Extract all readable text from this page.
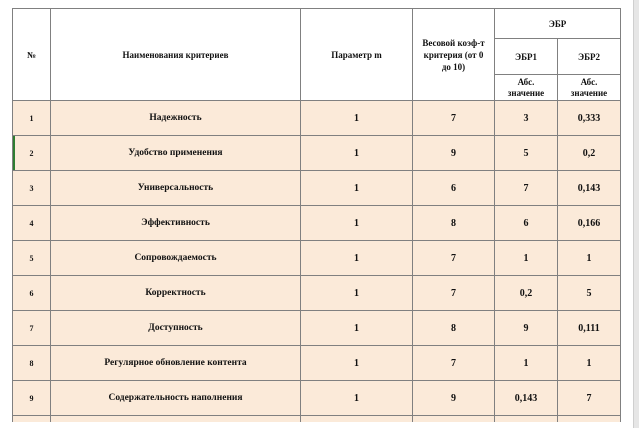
№	Наименования критериев	Параметр m	Весовой коэф-т критерия (от 0 до 10)	ЭБР	
				ЭБР1	ЭБР2
				Абс. значение	Абс. значение
1	Надежность	1	7	3	0,333
2	Удобство применения	1	9	5	0,2
3	Универсальность	1	6	7	0,143
4	Эффективность	1	8	6	0,166
5	Сопровождаемость	1	7	1	1
6	Корректность	1	7	0,2	5
7	Доступность	1	8	9	0,111
8	Регулярное обновление контента	1	7	1	1
9	Содержательность наполнения	1	9	0,143	7
